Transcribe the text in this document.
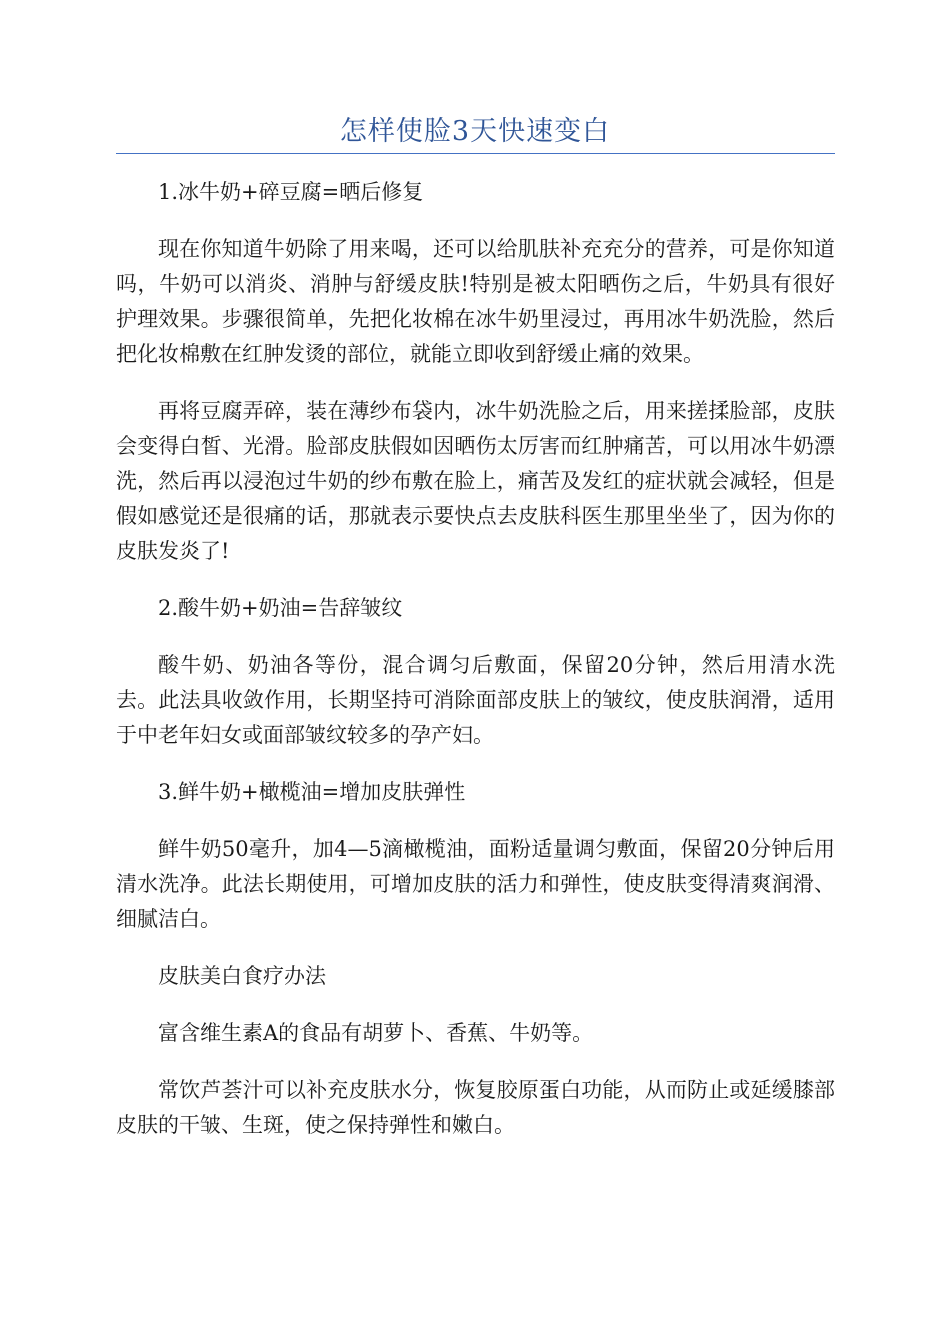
怎样使脸3天快速变白

1.冰牛奶+碎豆腐=晒后修复

现在你知道牛奶除了用来喝，还可以给肌肤补充充分的营养，可是你知道吗，牛奶可以消炎、消肿与舒缓皮肤!特别是被太阳晒伤之后，牛奶具有很好护理效果。步骤很简单，先把化妆棉在冰牛奶里浸过，再用冰牛奶洗脸，然后把化妆棉敷在红肿发烫的部位，就能立即收到舒缓止痛的效果。

再将豆腐弄碎，装在薄纱布袋内，冰牛奶洗脸之后，用来搓揉脸部，皮肤会变得白皙、光滑。脸部皮肤假如因晒伤太厉害而红肿痛苦，可以用冰牛奶漂洗，然后再以浸泡过牛奶的纱布敷在脸上，痛苦及发红的症状就会减轻，但是假如感觉还是很痛的话，那就表示要快点去皮肤科医生那里坐坐了，因为你的皮肤发炎了!

2.酸牛奶+奶油=告辞皱纹

酸牛奶、奶油各等份，混合调匀后敷面，保留20分钟，然后用清水洗去。此法具收敛作用，长期坚持可消除面部皮肤上的皱纹，使皮肤润滑，适用于中老年妇女或面部皱纹较多的孕产妇。

3.鲜牛奶+橄榄油=增加皮肤弹性

鲜牛奶50毫升，加4—5滴橄榄油，面粉适量调匀敷面，保留20分钟后用清水洗净。此法长期使用，可增加皮肤的活力和弹性，使皮肤变得清爽润滑、细腻洁白。

皮肤美白食疗办法

富含维生素A的食品有胡萝卜、香蕉、牛奶等。

常饮芦荟汁可以补充皮肤水分，恢复胶原蛋白功能，从而防止或延缓膝部皮肤的干皱、生斑，使之保持弹性和嫩白。
